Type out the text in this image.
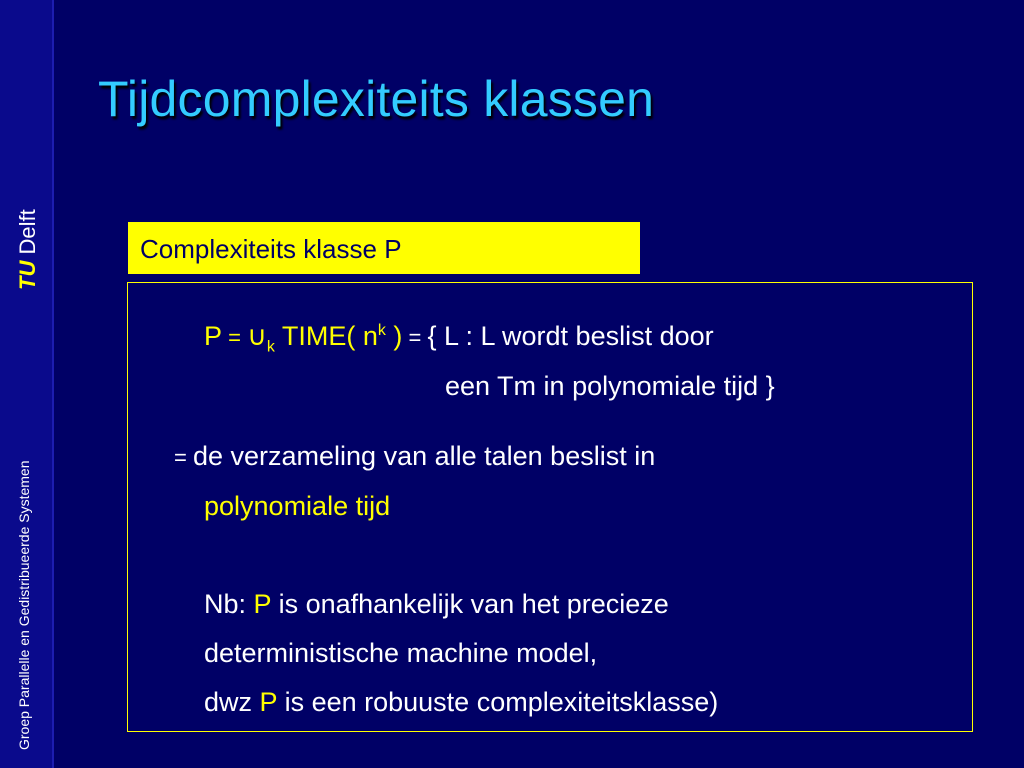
TU Delft
Groep Parallelle en Gedistribueerde Systemen
Tijdcomplexiteits klassen
Complexiteits klasse P
$P = \cup_k$ TIME( $n^k$ ) = { L : L wordt beslist door
een Tm in polynomiale tijd }
= de verzameling van alle talen beslist in
polynomiale tijd
Nb: P is onafhankelijk van het precieze
deterministische machine model,
dwz P is een robuuste complexiteitsklasse)
